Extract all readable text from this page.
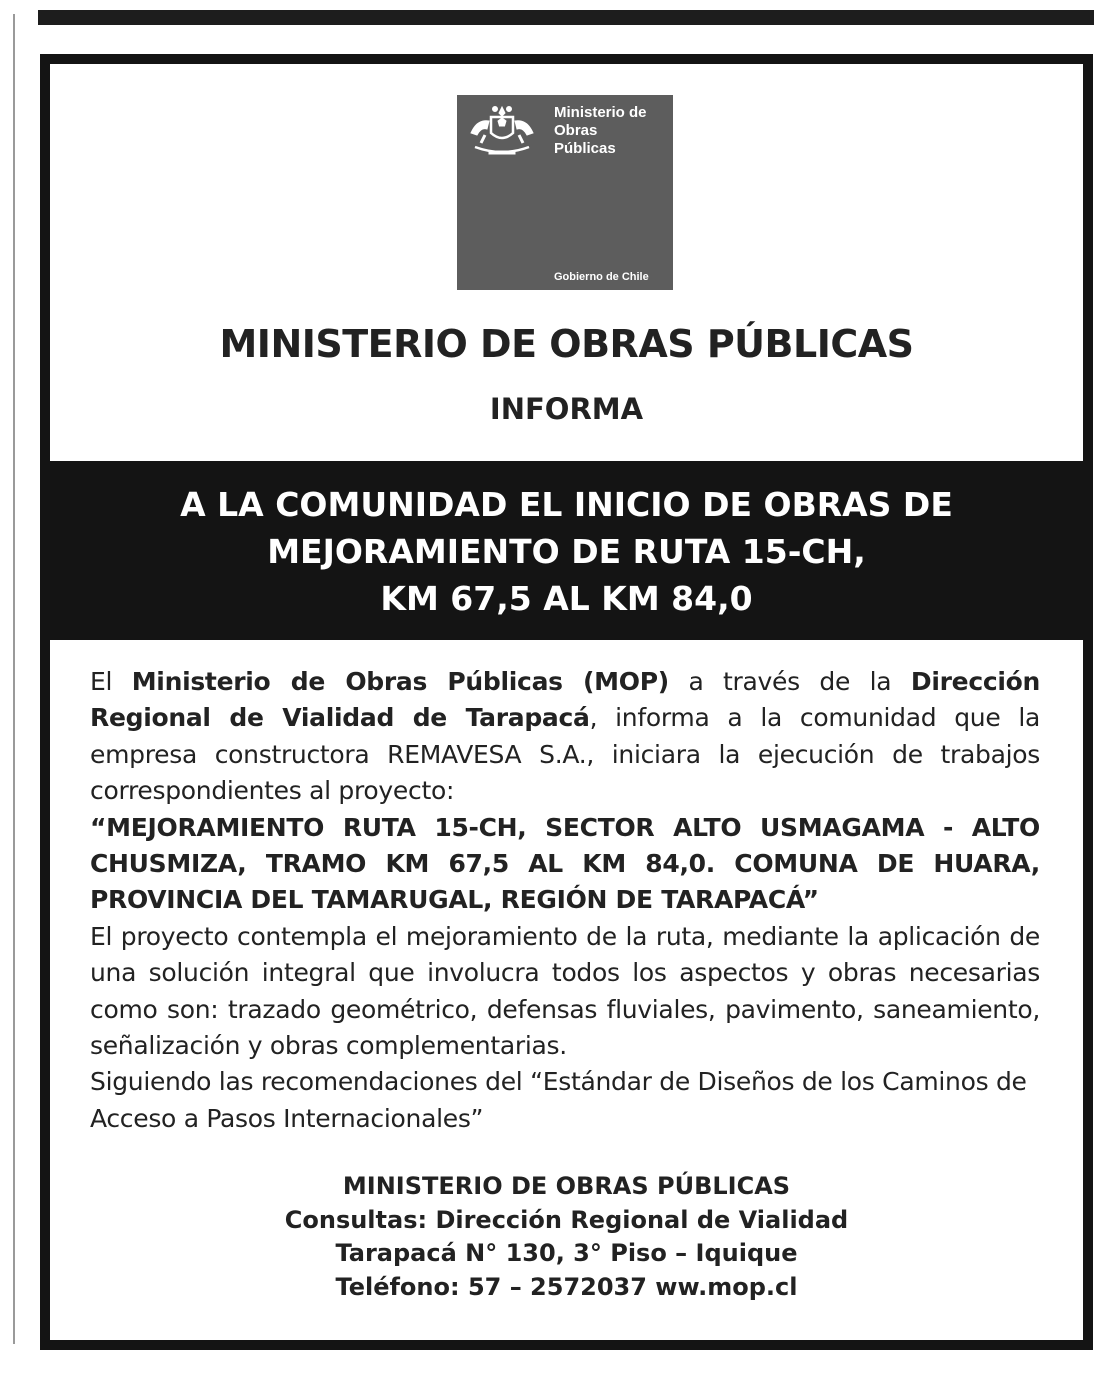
Ministerio de
Obras
Públicas
Gobierno de Chile
MINISTERIO DE OBRAS PÚBLICAS
INFORMA
A LA COMUNIDAD EL INICIO DE OBRAS DE
MEJORAMIENTO DE RUTA 15-CH,
KM 67,5 AL KM 84,0

El Ministerio de Obras Públicas (MOP) a través de la Dirección Regional de Vialidad de Tarapacá, informa a la comunidad que la empresa constructora REMAVESA S.A., iniciara la ejecución de trabajos correspondientes al proyecto:

“MEJORAMIENTO RUTA 15-CH, SECTOR ALTO USMAGAMA - ALTO CHUSMIZA, TRAMO KM 67,5 AL KM 84,0. COMUNA DE HUARA, PROVINCIA DEL TAMARUGAL, REGIÓN DE TARAPACÁ”

El proyecto contempla el mejoramiento de la ruta, mediante la aplicación de una solución integral que involucra todos los aspectos y obras necesarias como son: trazado geométrico, defensas fluviales, pavimento, saneamiento, señalización y obras complementarias.

Siguiendo las recomendaciones del “Estándar de Diseños de los Caminos de Acceso a Pasos Internacionales”

MINISTERIO DE OBRAS PÚBLICAS
Consultas: Dirección Regional de Vialidad
Tarapacá N° 130, 3° Piso – Iquique
Teléfono: 57 – 2572037 ww.mop.cl
